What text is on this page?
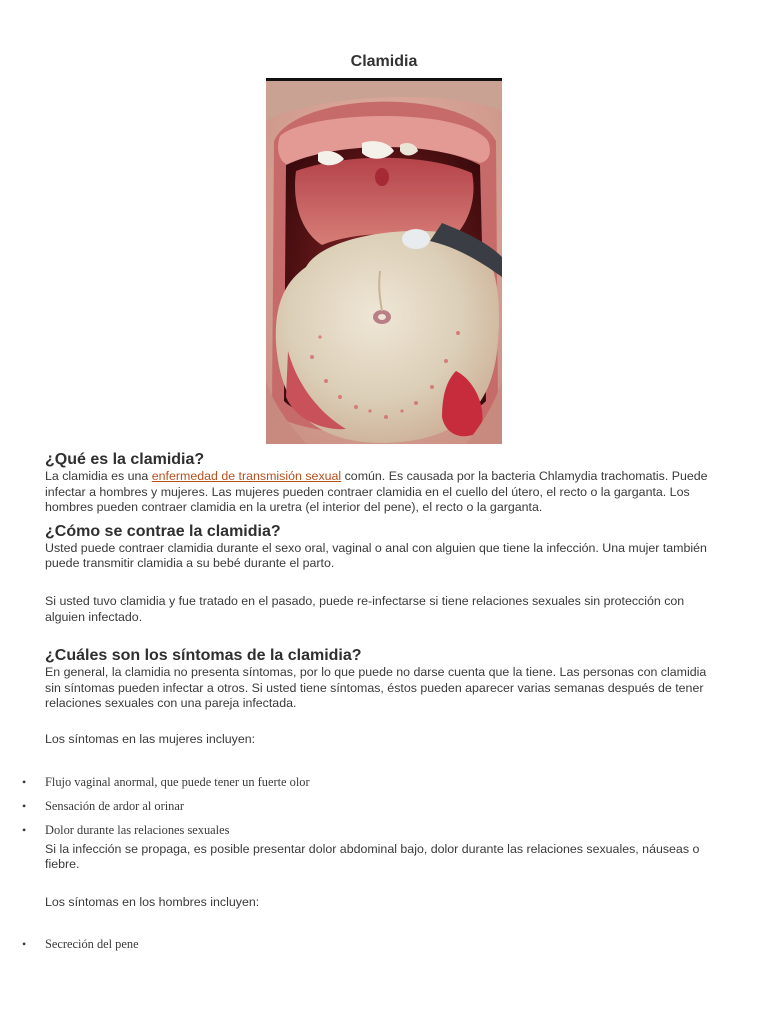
Clamidia
¿Qué es la clamidia?

La clamidia es una enfermedad de transmisión sexual común. Es causada por la bacteria Chlamydia trachomatis. Puede infectar a hombres y mujeres. Las mujeres pueden contraer clamidia en el cuello del útero, el recto o la garganta. Los hombres pueden contraer clamidia en la uretra (el interior del pene), el recto o la garganta.

¿Cómo se contrae la clamidia?

Usted puede contraer clamidia durante el sexo oral, vaginal o anal con alguien que tiene la infección. Una mujer también puede transmitir clamidia a su bebé durante el parto.

Si usted tuvo clamidia y fue tratado en el pasado, puede re-infectarse si tiene relaciones sexuales sin protección con alguien infectado.

¿Cuáles son los síntomas de la clamidia?

En general, la clamidia no presenta síntomas, por lo que puede no darse cuenta que la tiene. Las personas con clamidia sin síntomas pueden infectar a otros. Si usted tiene síntomas, éstos pueden aparecer varias semanas después de tener relaciones sexuales con una pareja infectada.

Los síntomas en las mujeres incluyen:

• Flujo vaginal anormal, que puede tener un fuerte olor
• Sensación de ardor al orinar
• Dolor durante las relaciones sexuales

Si la infección se propaga, es posible presentar dolor abdominal bajo, dolor durante las relaciones sexuales, náuseas o fiebre.

Los síntomas en los hombres incluyen:

• Secreción del pene
